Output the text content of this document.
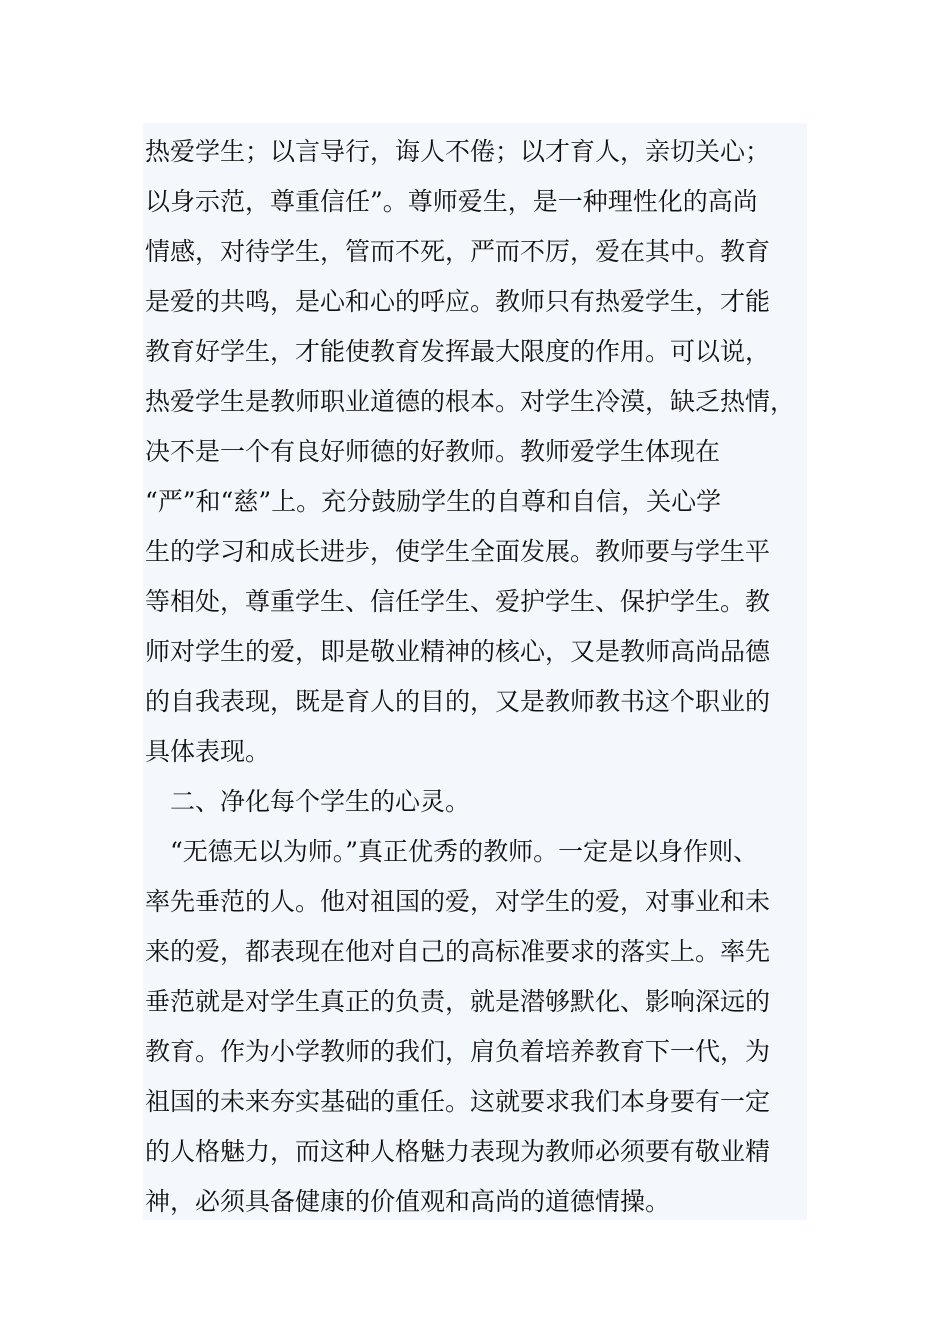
热爱学生；以言导行，诲人不倦；以才育人，亲切关心；
以身示范，尊重信任”。尊师爱生，是一种理性化的高尚
情感，对待学生，管而不死，严而不厉，爱在其中。教育
是爱的共鸣，是心和心的呼应。教师只有热爱学生，才能
教育好学生，才能使教育发挥最大限度的作用。可以说，
热爱学生是教师职业道德的根本。对学生冷漠，缺乏热情，
决不是一个有良好师德的好教师。教师爱学生体现在
“严”和“慈”上。充分鼓励学生的自尊和自信，关心学
生的学习和成长进步，使学生全面发展。教师要与学生平
等相处，尊重学生、信任学生、爱护学生、保护学生。教
师对学生的爱，即是敬业精神的核心，又是教师高尚品德
的自我表现，既是育人的目的，又是教师教书这个职业的
具体表现。
　二、净化每个学生的心灵。
　“无德无以为师。”真正优秀的教师。一定是以身作则、
率先垂范的人。他对祖国的爱，对学生的爱，对事业和未
来的爱，都表现在他对自己的高标准要求的落实上。率先
垂范就是对学生真正的负责，就是潜够默化、影响深远的
教育。作为小学教师的我们，肩负着培养教育下一代，为
祖国的未来夯实基础的重任。这就要求我们本身要有一定
的人格魅力，而这种人格魅力表现为教师必须要有敬业精
神，必须具备健康的价值观和高尚的道德情操。
